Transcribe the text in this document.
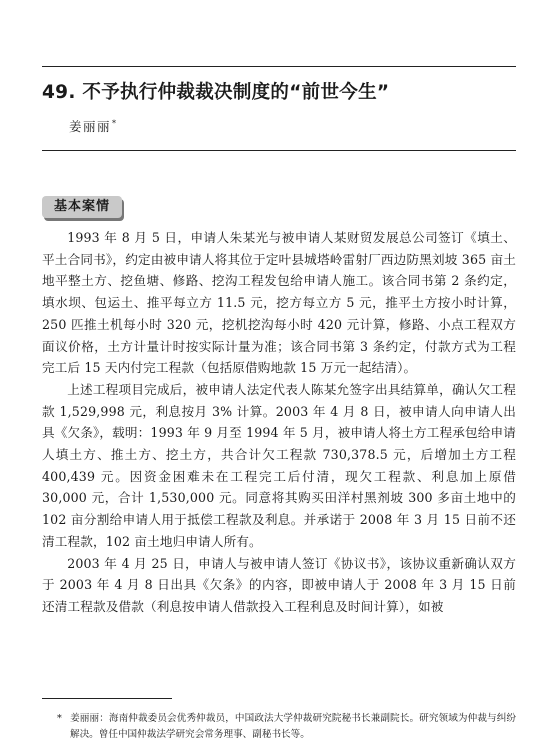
49. 不予执行仲裁裁决制度的“前世今生”
姜丽丽*
基本案情

1993 年 8 月 5 日，申请人朱某光与被申请人某财贸发展总公司签订《填土、平土合同书》，约定由被申请人将其位于定叶县城塔岭雷射厂西边防黑刘坡 365 亩土地平整土方、挖鱼塘、修路、挖沟工程发包给申请人施工。该合同书第 2 条约定，填水坝、包运土、推平每立方 11.5 元，挖方每立方 5 元，推平土方按小时计算，250 匹推土机每小时 320 元，挖机挖沟每小时 420 元计算，修路、小点工程双方面议价格，土方计量计时按实际计量为准；该合同书第 3 条约定，付款方式为工程完工后 15 天内付完工程款（包括原借购地款 15 万元一起结清）。

上述工程项目完成后，被申请人法定代表人陈某允签字出具结算单，确认欠工程款 1,529,998 元，利息按月 3% 计算。2003 年 4 月 8 日，被申请人向申请人出具《欠条》，载明：1993 年 9 月至 1994 年 5 月，被申请人将土方工程承包给申请人填土方、推土方、挖土方，共合计欠工程款 730,378.5 元，后增加土方工程 400,439 元。因资金困难未在工程完工后付清，现欠工程款、利息加上原借 30,000 元，合计 1,530,000 元。同意将其购买田洋村黑剂坡 300 多亩土地中的 102 亩分割给申请人用于抵偿工程款及利息。并承诺于 2008 年 3 月 15 日前不还清工程款，102 亩土地归申请人所有。

2003 年 4 月 25 日，申请人与被申请人签订《协议书》，该协议重新确认双方于 2003 年 4 月 8 日出具《欠条》的内容，即被申请人于 2008 年 3 月 15 日前还清工程款及借款（利息按申请人借款投入工程利息及时间计算），如被

* 姜丽丽：海南仲裁委员会优秀仲裁员，中国政法大学仲裁研究院秘书长兼副院长。研究领域为仲裁与纠纷解决。曾任中国仲裁法学研究会常务理事、副秘书长等。
